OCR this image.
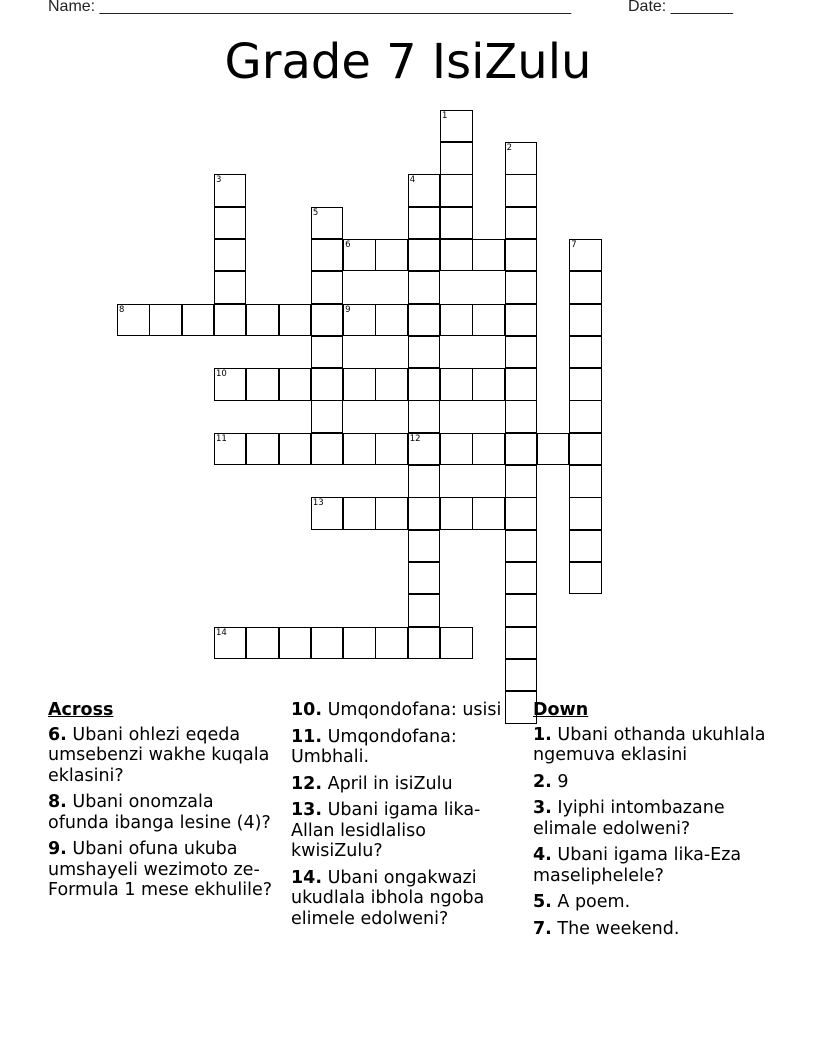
Name: _____________________________________________________	Date: _______
Grade 7 IsiZulu
1
2
3	4
12
5
6	7
8	9
10
11
13
14
Across
6. Ubani ohlezi eqeda umsebenzi wakhe kuqala eklasini?
8. Ubani onomzala ofunda ibanga lesine (4)?
9. Ubani ofuna ukuba umshayeli wezimoto ze-Formula 1 mese ekhulile?
10. Umqondofana: usisi
11. Umqondofana: Umbhali.
12. April in isiZulu
13. Ubani igama lika-Allan lesidlaliso kwisiZulu?
14. Ubani ongakwazi ukudlala ibhola ngoba elimele edolweni?
Down
1. Ubani othanda ukuhlala ngemuva eklasini
2. 9
3. Iyiphi intombazane elimale edolweni?
4. Ubani igama lika-Eza maseliphelele?
5. A poem.
7. The weekend.
